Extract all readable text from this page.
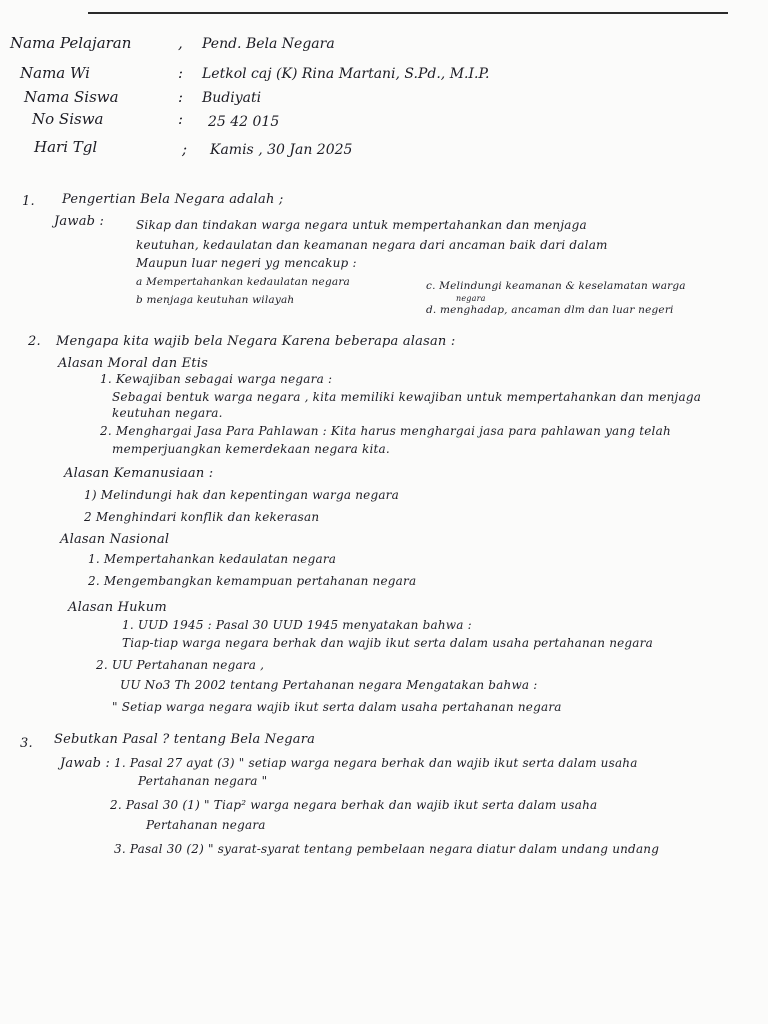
Nama Pelajaran	, Pend. Bela Negara
Nama Wi	: Letkol caj (K) Rina Martani, S.Pd., M.I.P.
Nama Siswa	: Budiyati
No Siswa	: 25 42 015
Hari Tgl	; Kamis , 30 Jan 2025
1. Pengertian Bela Negara adalah ;
Jawab :	Sikap dan tindakan warga negara untuk mempertahankan dan menjaga
keutuhan, kedaulatan dan keamanan negara dari ancaman baik dari dalam
Maupun luar negeri yg mencakup :
a Mempertahankan kedaulatan negara
b menjaga keutuhan wilayah
c. Melindungi keamanan & keselamatan warga
negara
d. menghadap, ancaman dlm dan luar negeri
2. Mengapa kita wajib bela Negara Karena beberapa alasan :
Alasan Moral dan Etis
1. Kewajiban sebagai warga negara :
Sebagai bentuk warga negara , kita memiliki kewajiban untuk mempertahankan dan menjaga
keutuhan negara.
2. Menghargai Jasa Para Pahlawan : Kita harus menghargai jasa para pahlawan yang telah
memperjuangkan kemerdekaan negara kita.
Alasan Kemanusiaan :
1) Melindungi hak dan kepentingan warga negara
2 Menghindari konflik dan kekerasan
Alasan Nasional
1. Mempertahankan kedaulatan negara
2. Mengembangkan kemampuan pertahanan negara
Alasan Hukum
1. UUD 1945 : Pasal 30 UUD 1945 menyatakan bahwa :
Tiap-tiap warga negara berhak dan wajib ikut serta dalam usaha pertahanan negara
2. UU Pertahanan negara ,
UU No3 Th 2002 tentang Pertahanan negara Mengatakan bahwa :
" Setiap warga negara wajib ikut serta dalam usaha pertahanan negara
3. Sebutkan Pasal ? tentang Bela Negara
Jawab : 1. Pasal 27 ayat (3) " setiap warga negara berhak dan wajib ikut serta dalam usaha
Pertahanan negara "
2. Pasal 30 (1) " Tiap² warga negara berhak dan wajib ikut serta dalam usaha
Pertahanan negara
3. Pasal 30 (2) " syarat-syarat tentang pembelaan negara diatur dalam undang undang
